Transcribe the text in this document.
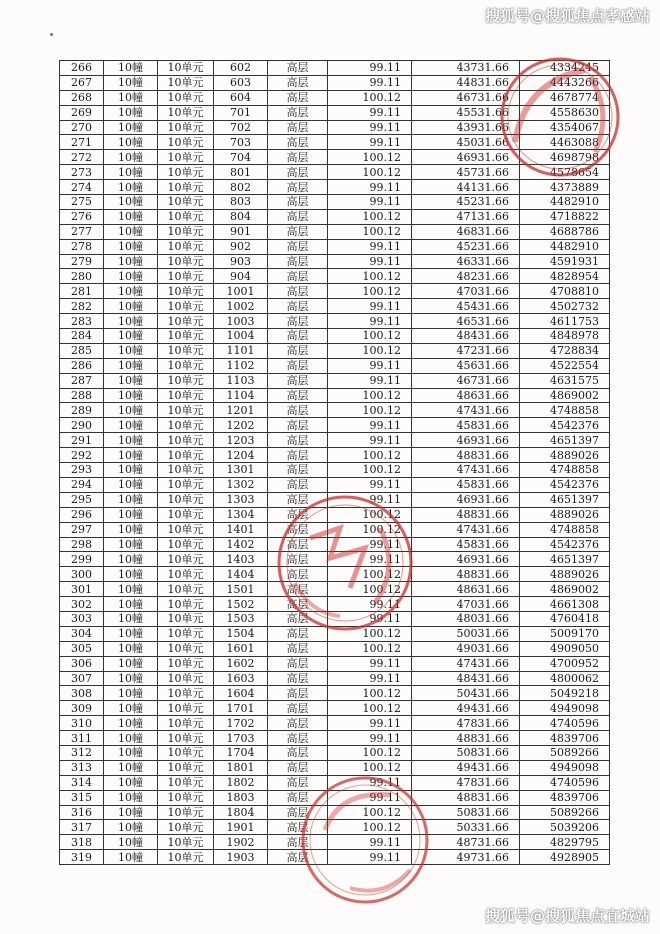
搜狐号@搜狐焦点孝感站
266	10幢	10单元	602	高层	99.11	43731.66	4334245
267	10幢	10单元	603	高层	99.11	44831.66	4443266
268	10幢	10单元	604	高层	100.12	46731.66	4678774
269	10幢	10单元	701	高层	99.11	45531.66	4558630
270	10幢	10单元	702	高层	99.11	43931.66	4354067
271	10幢	10单元	703	高层	99.11	45031.66	4463088
272	10幢	10单元	704	高层	100.12	46931.66	4698798
273	10幢	10单元	801	高层	100.12	45731.66	4578654
274	10幢	10单元	802	高层	99.11	44131.66	4373889
275	10幢	10单元	803	高层	99.11	45231.66	4482910
276	10幢	10单元	804	高层	100.12	47131.66	4718822
277	10幢	10单元	901	高层	100.12	46831.66	4688786
278	10幢	10单元	902	高层	99.11	45231.66	4482910
279	10幢	10单元	903	高层	99.11	46331.66	4591931
280	10幢	10单元	904	高层	100.12	48231.66	4828954
281	10幢	10单元	1001	高层	100.12	47031.66	4708810
282	10幢	10单元	1002	高层	99.11	45431.66	4502732
283	10幢	10单元	1003	高层	99.11	46531.66	4611753
284	10幢	10单元	1004	高层	100.12	48431.66	4848978
285	10幢	10单元	1101	高层	100.12	47231.66	4728834
286	10幢	10单元	1102	高层	99.11	45631.66	4522554
287	10幢	10单元	1103	高层	99.11	46731.66	4631575
288	10幢	10单元	1104	高层	100.12	48631.66	4869002
289	10幢	10单元	1201	高层	100.12	47431.66	4748858
290	10幢	10单元	1202	高层	99.11	45831.66	4542376
291	10幢	10单元	1203	高层	99.11	46931.66	4651397
292	10幢	10单元	1204	高层	100.12	48831.66	4889026
293	10幢	10单元	1301	高层	100.12	47431.66	4748858
294	10幢	10单元	1302	高层	99.11	45831.66	4542376
295	10幢	10单元	1303	高层	99.11	46931.66	4651397
296	10幢	10单元	1304	高层	100.12	48831.66	4889026
297	10幢	10单元	1401	高层	100.12	47431.66	4748858
298	10幢	10单元	1402	高层	99.11	45831.66	4542376
299	10幢	10单元	1403	高层	99.11	46931.66	4651397
300	10幢	10单元	1404	高层	100.12	48831.66	4889026
301	10幢	10单元	1501	高层	100.12	48631.66	4869002
302	10幢	10单元	1502	高层	99.11	47031.66	4661308
303	10幢	10单元	1503	高层	99.11	48031.66	4760418
304	10幢	10单元	1504	高层	100.12	50031.66	5009170
305	10幢	10单元	1601	高层	100.12	49031.66	4909050
306	10幢	10单元	1602	高层	99.11	47431.66	4700952
307	10幢	10单元	1603	高层	99.11	48431.66	4800062
308	10幢	10单元	1604	高层	100.12	50431.66	5049218
309	10幢	10单元	1701	高层	100.12	49431.66	4949098
310	10幢	10单元	1702	高层	99.11	47831.66	4740596
311	10幢	10单元	1703	高层	99.11	48831.66	4839706
312	10幢	10单元	1704	高层	100.12	50831.66	5089266
313	10幢	10单元	1801	高层	100.12	49431.66	4949098
314	10幢	10单元	1802	高层	99.11	47831.66	4740596
315	10幢	10单元	1803	高层	99.11	48831.66	4839706
316	10幢	10单元	1804	高层	100.12	50831.66	5089266
317	10幢	10单元	1901	高层	100.12	50331.66	5039206
318	10幢	10单元	1902	高层	99.11	48731.66	4829795
319	10幢	10单元	1903	高层	99.11	49731.66	4928905
搜狐号@搜狐焦点宜城站
